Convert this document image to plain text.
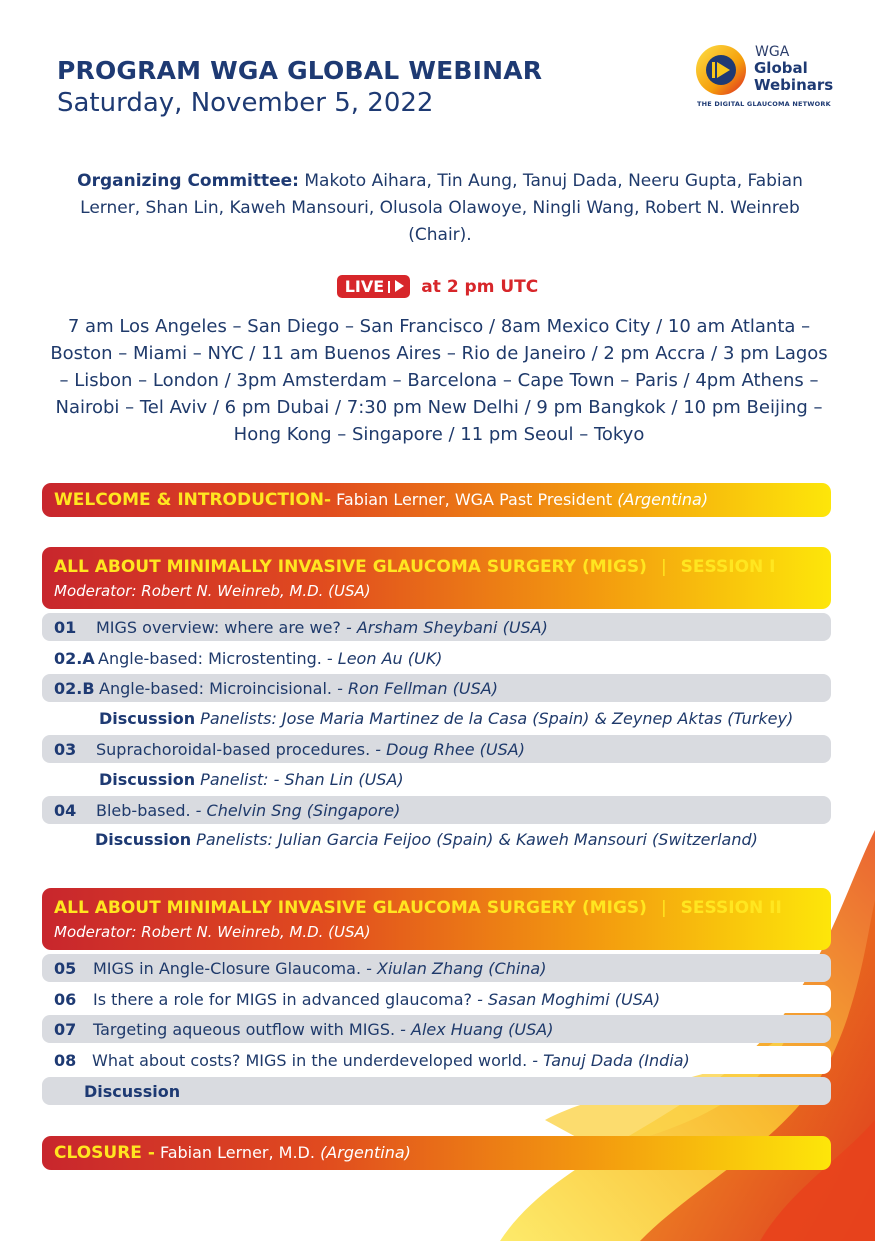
PROGRAM WGA GLOBAL WEBINAR
Saturday, November 5, 2022
WGA
Global
Webinars
THE DIGITAL GLAUCOMA NETWORK
Organizing Committee: Makoto Aihara, Tin Aung, Tanuj Dada, Neeru Gupta, Fabian Lerner, Shan Lin, Kaweh Mansouri, Olusola Olawoye, Ningli Wang, Robert N. Weinreb (Chair).
LIVE at 2 pm UTC
7 am Los Angeles – San Diego – San Francisco / 8am Mexico City / 10 am Atlanta – Boston – Miami – NYC / 11 am Buenos Aires – Rio de Janeiro / 2 pm Accra / 3 pm Lagos – Lisbon – London / 3pm Amsterdam – Barcelona – Cape Town – Paris / 4pm Athens – Nairobi – Tel Aviv / 6 pm Dubai / 7:30 pm New Delhi / 9 pm Bangkok / 10 pm Beijing – Hong Kong – Singapore / 11 pm Seoul – Tokyo
WELCOME & INTRODUCTION- Fabian Lerner, WGA Past President (Argentina)
ALL ABOUT MINIMALLY INVASIVE GLAUCOMA SURGERY (MIGS) | SESSION I
Moderator: Robert N. Weinreb, M.D. (USA)
01 MIGS overview: where are we? - Arsham Sheybani (USA)
02.A Angle-based: Microstenting. - Leon Au (UK)
02.B Angle-based: Microincisional. - Ron Fellman (USA)
Discussion Panelists: Jose Maria Martinez de la Casa (Spain) & Zeynep Aktas (Turkey)
03 Suprachoroidal-based procedures. - Doug Rhee (USA)
Discussion Panelist: - Shan Lin (USA)
04 Bleb-based. - Chelvin Sng (Singapore)
Discussion Panelists: Julian Garcia Feijoo (Spain) & Kaweh Mansouri (Switzerland)
ALL ABOUT MINIMALLY INVASIVE GLAUCOMA SURGERY (MIGS) | SESSION II
Moderator: Robert N. Weinreb, M.D. (USA)
05 MIGS in Angle-Closure Glaucoma. - Xiulan Zhang (China)
06 Is there a role for MIGS in advanced glaucoma? - Sasan Moghimi (USA)
07 Targeting aqueous outflow with MIGS. - Alex Huang (USA)
08 What about costs? MIGS in the underdeveloped world. - Tanuj Dada (India)
Discussion
CLOSURE - Fabian Lerner, M.D. (Argentina)
